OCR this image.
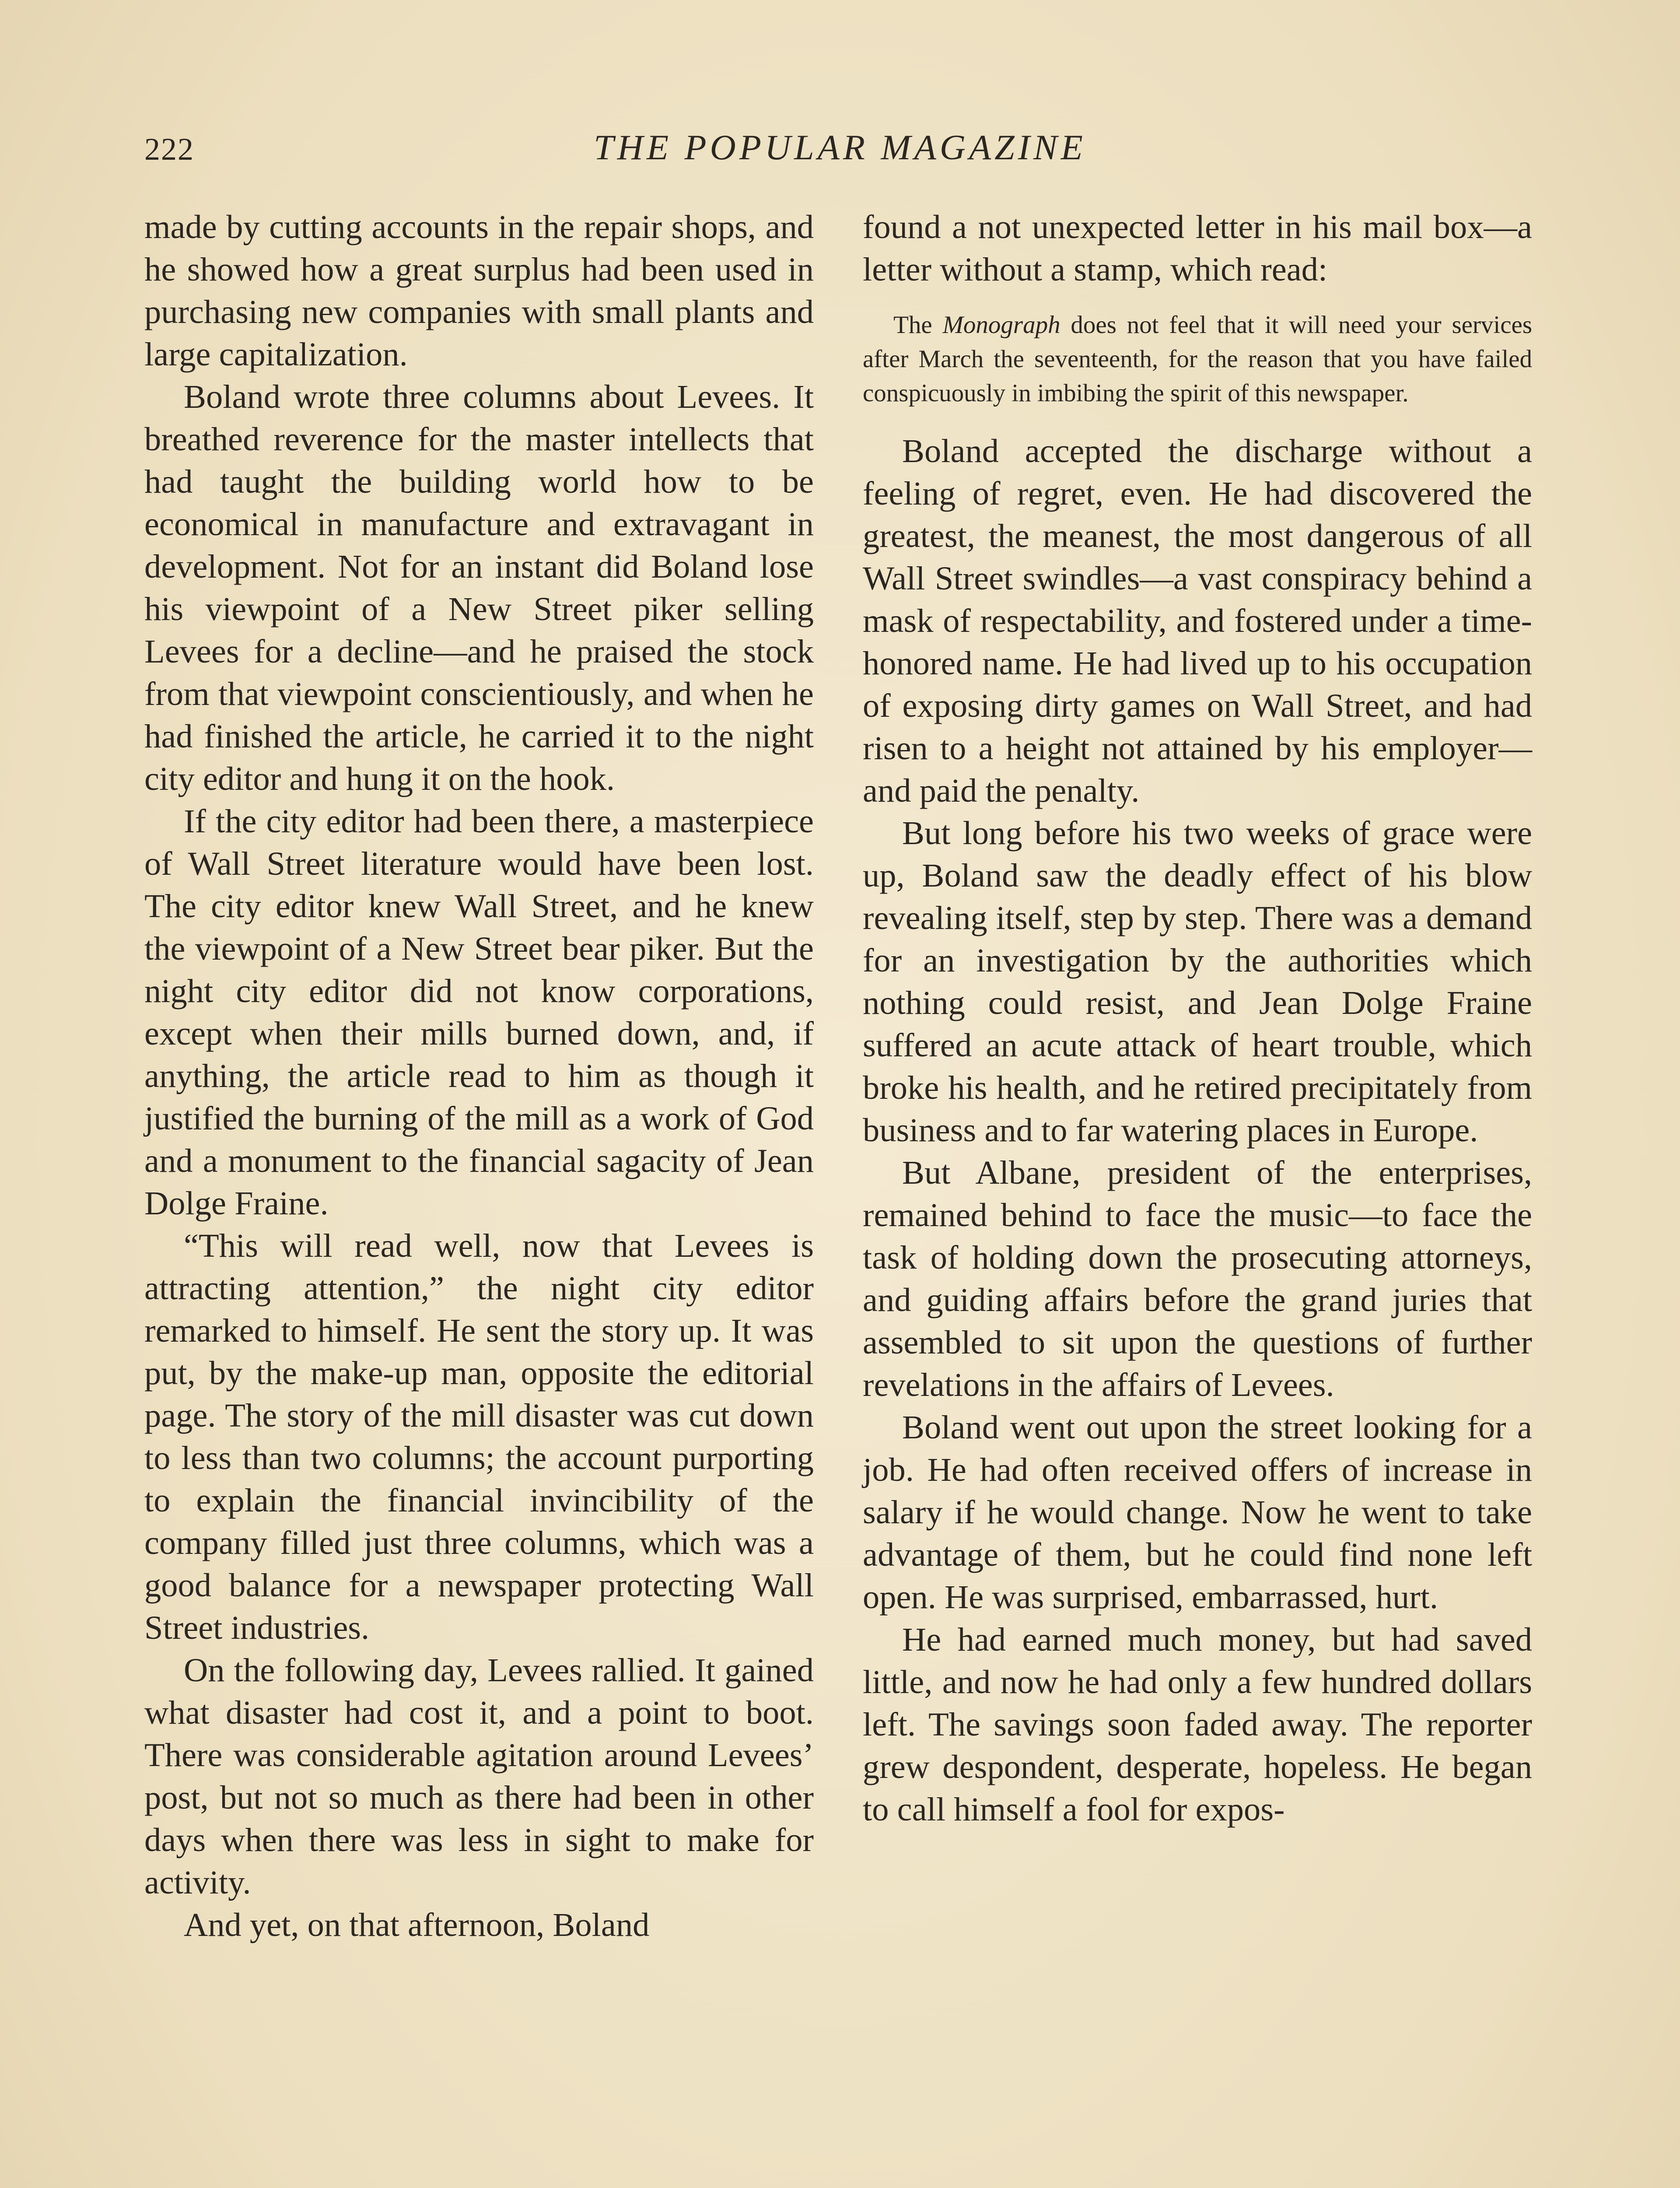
222	THE POPULAR MAGAZINE

made by cutting accounts in the repair shops, and he showed how a great surplus had been used in purchasing new companies with small plants and large capitalization.

Boland wrote three columns about Levees. It breathed reverence for the master intellects that had taught the building world how to be economical in manufacture and extravagant in development. Not for an instant did Boland lose his viewpoint of a New Street piker selling Levees for a decline—and he praised the stock from that viewpoint conscientiously, and when he had finished the article, he carried it to the night city editor and hung it on the hook.

If the city editor had been there, a masterpiece of Wall Street literature would have been lost. The city editor knew Wall Street, and he knew the viewpoint of a New Street bear piker. But the night city editor did not know corporations, except when their mills burned down, and, if anything, the article read to him as though it justified the burning of the mill as a work of God and a monument to the financial sagacity of Jean Dolge Fraine.

“This will read well, now that Levees is attracting attention,” the night city editor remarked to himself. He sent the story up. It was put, by the make-up man, opposite the editorial page. The story of the mill disaster was cut down to less than two columns; the account purporting to explain the financial invincibility of the company filled just three columns, which was a good balance for a newspaper protecting Wall Street industries.

On the following day, Levees rallied. It gained what disaster had cost it, and a point to boot. There was considerable agitation around Levees’ post, but not so much as there had been in other days when there was less in sight to make for activity.

And yet, on that afternoon, Boland

found a not unexpected letter in his mail box—a letter without a stamp, which read:

The Monograph does not feel that it will need your services after March the seventeenth, for the reason that you have failed conspicuously in imbibing the spirit of this newspaper.

Boland accepted the discharge without a feeling of regret, even. He had discovered the greatest, the meanest, the most dangerous of all Wall Street swindles—a vast conspiracy behind a mask of respectability, and fostered under a time-honored name. He had lived up to his occupation of exposing dirty games on Wall Street, and had risen to a height not attained by his employer—and paid the penalty.

But long before his two weeks of grace were up, Boland saw the deadly effect of his blow revealing itself, step by step. There was a demand for an investigation by the authorities which nothing could resist, and Jean Dolge Fraine suffered an acute attack of heart trouble, which broke his health, and he retired precipitately from business and to far watering places in Europe.

But Albane, president of the enterprises, remained behind to face the music—to face the task of holding down the prosecuting attorneys, and guiding affairs before the grand juries that assembled to sit upon the questions of further revelations in the affairs of Levees.

Boland went out upon the street looking for a job. He had often received offers of increase in salary if he would change. Now he went to take advantage of them, but he could find none left open. He was surprised, embarrassed, hurt.

He had earned much money, but had saved little, and now he had only a few hundred dollars left. The savings soon faded away. The reporter grew despondent, desperate, hopeless. He began to call himself a fool for expos-
